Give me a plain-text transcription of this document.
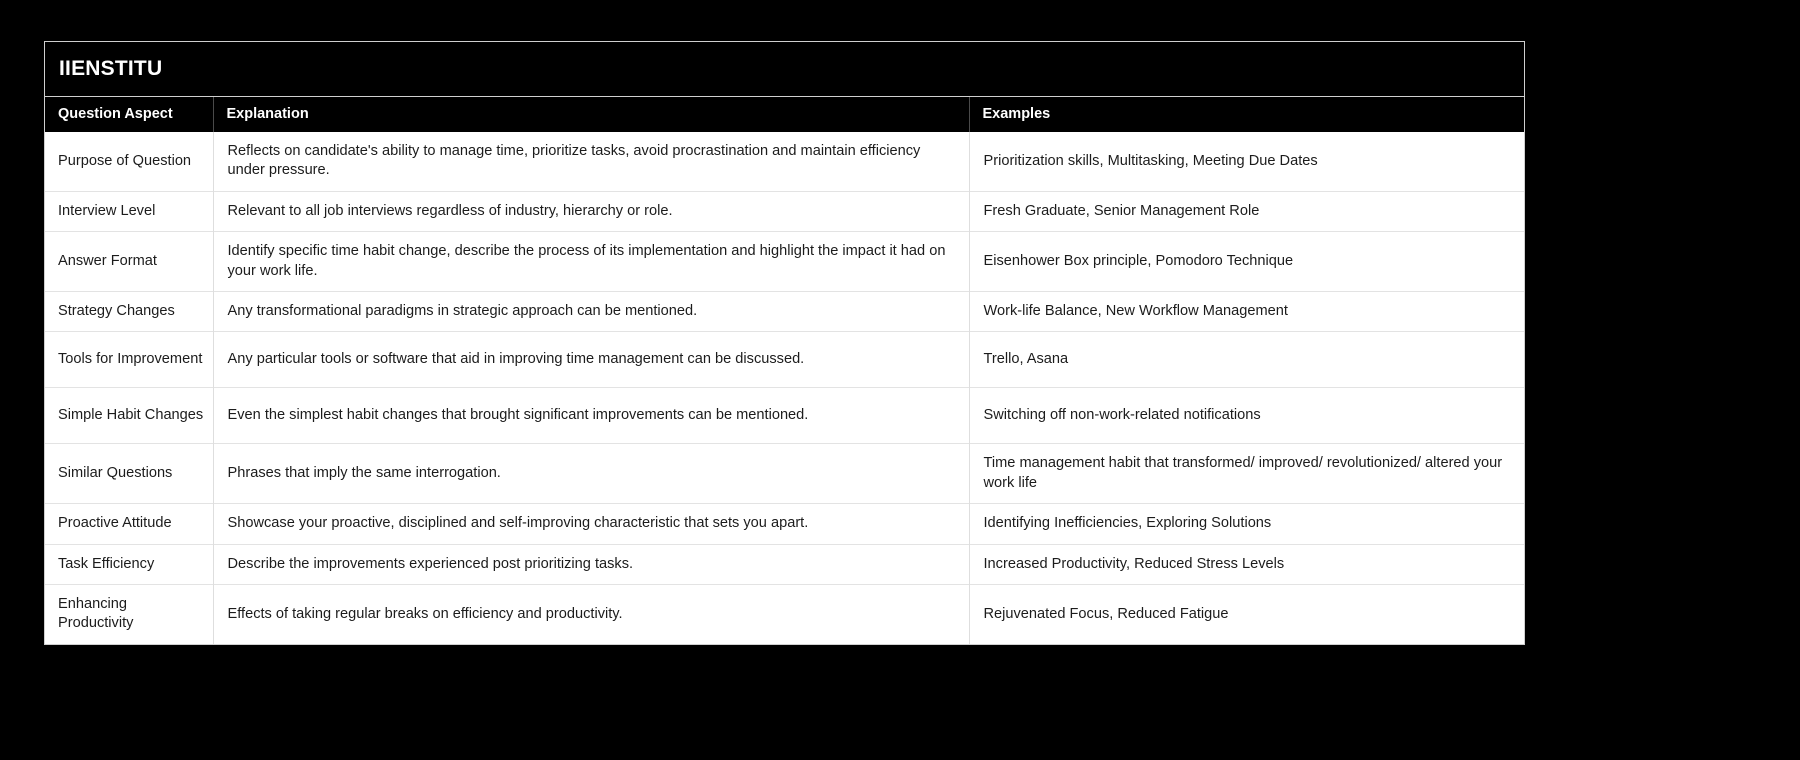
IIENSTITU
Question Aspect	Explanation	Examples
Purpose of Question	Reflects on candidate's ability to manage time, prioritize tasks, avoid procrastination and maintain efficiency under pressure.	Prioritization skills, Multitasking, Meeting Due Dates
Interview Level	Relevant to all job interviews regardless of industry, hierarchy or role.	Fresh Graduate, Senior Management Role
Answer Format	Identify specific time habit change, describe the process of its implementation and highlight the impact it had on your work life.	Eisenhower Box principle, Pomodoro Technique
Strategy Changes	Any transformational paradigms in strategic approach can be mentioned.	Work-life Balance, New Workflow Management
Tools for Improvement	Any particular tools or software that aid in improving time management can be discussed.	Trello, Asana
Simple Habit Changes	Even the simplest habit changes that brought significant improvements can be mentioned.	Switching off non-work-related notifications
Similar Questions	Phrases that imply the same interrogation.	Time management habit that transformed/ improved/ revolutionized/ altered your work life
Proactive Attitude	Showcase your proactive, disciplined and self-improving characteristic that sets you apart.	Identifying Inefficiencies, Exploring Solutions
Task Efficiency	Describe the improvements experienced post prioritizing tasks.	Increased Productivity, Reduced Stress Levels
Enhancing Productivity	Effects of taking regular breaks on efficiency and productivity.	Rejuvenated Focus, Reduced Fatigue
